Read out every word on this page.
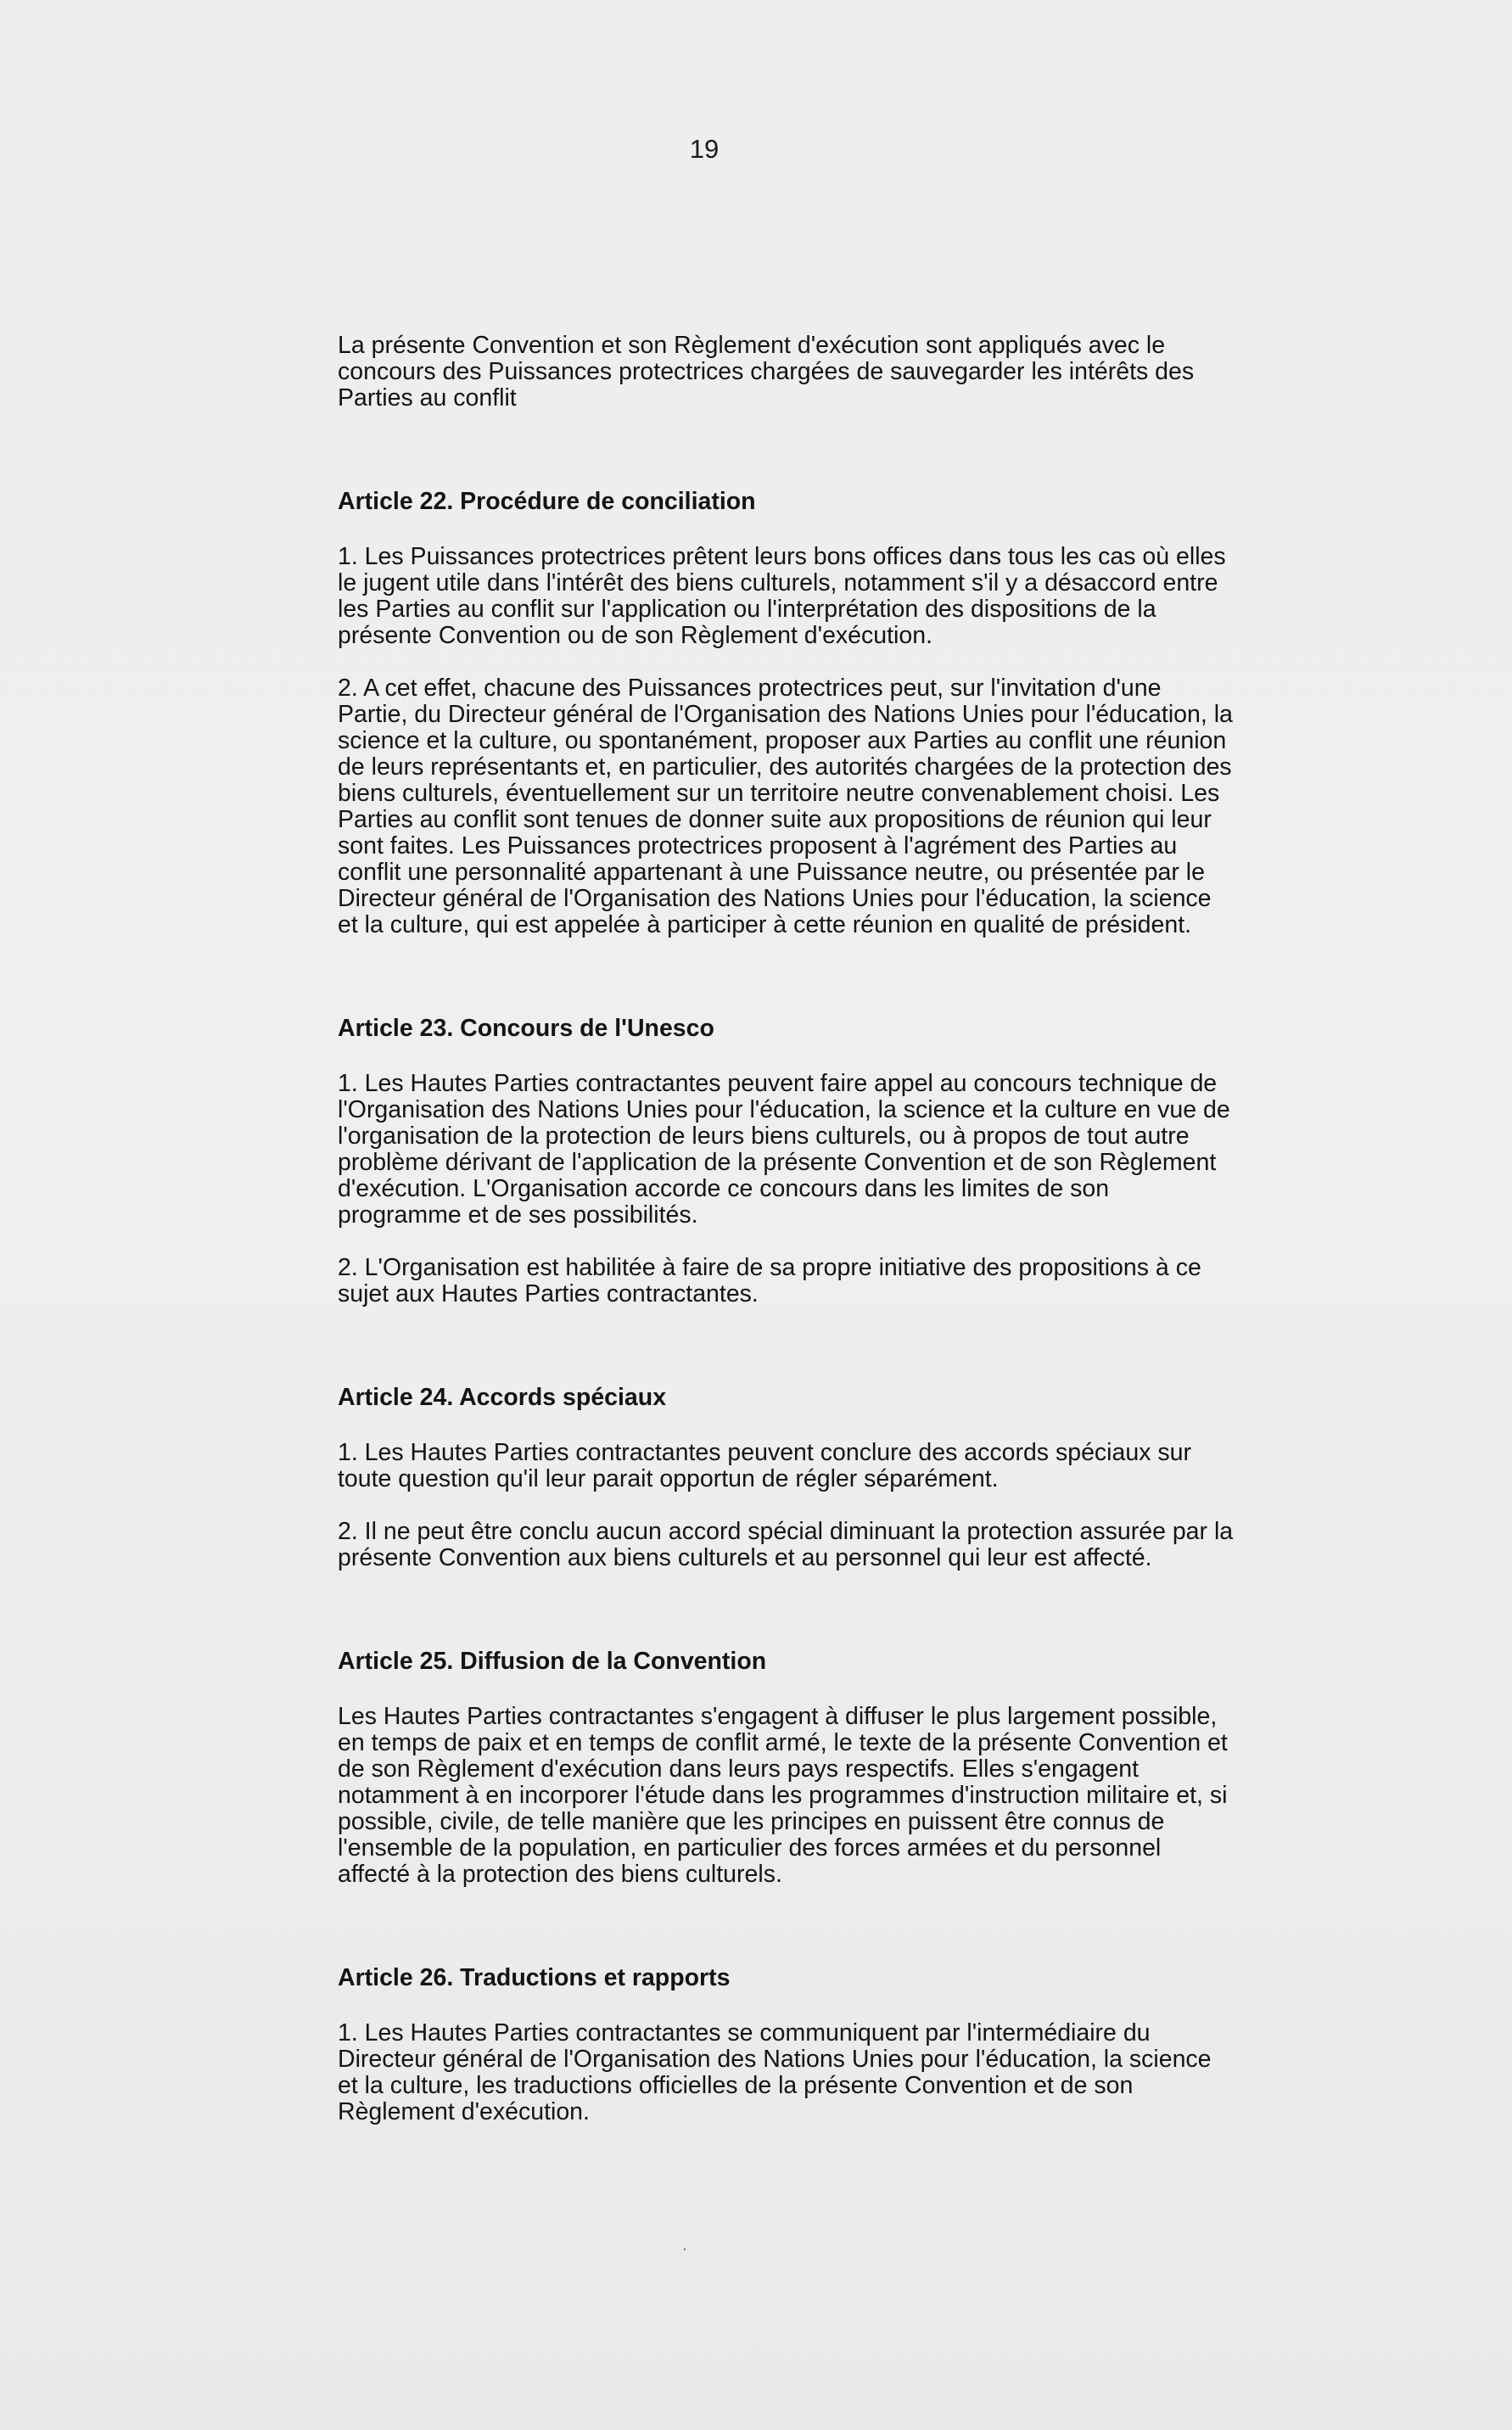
19

La présente Convention et son Règlement d'exécution sont appliqués avec le concours des Puissances protectrices chargées de sauvegarder les intérêts des Parties au conflit

Article 22. Procédure de conciliation

1. Les Puissances protectrices prêtent leurs bons offices dans tous les cas où elles le jugent utile dans l'intérêt des biens culturels, notamment s'il y a désaccord entre les Parties au conflit sur l'application ou l'interprétation des dispositions de la présente Convention ou de son Règlement d'exécution.

2. A cet effet, chacune des Puissances protectrices peut, sur l'invitation d'une Partie, du Directeur général de l'Organisation des Nations Unies pour l'éducation, la science et la culture, ou spontanément, proposer aux Parties au conflit une réunion de leurs représentants et, en particulier, des autorités chargées de la protection des biens culturels, éventuellement sur un territoire neutre convenablement choisi. Les Parties au conflit sont tenues de donner suite aux propositions de réunion qui leur sont faites. Les Puissances protectrices proposent à l'agrément des Parties au conflit une personnalité appartenant à une Puissance neutre, ou présentée par le Directeur général de l'Organisation des Nations Unies pour l'éducation, la science et la culture, qui est appelée à participer à cette réunion en qualité de président.

Article 23. Concours de l'Unesco

1. Les Hautes Parties contractantes peuvent faire appel au concours technique de l'Organisation des Nations Unies pour l'éducation, la science et la culture en vue de l'organisation de la protection de leurs biens culturels, ou à propos de tout autre problème dérivant de l'application de la présente Convention et de son Règlement d'exécution. L'Organisation accorde ce concours dans les limites de son programme et de ses possibilités.

2. L'Organisation est habilitée à faire de sa propre initiative des propositions à ce sujet aux Hautes Parties contractantes.

Article 24. Accords spéciaux

1. Les Hautes Parties contractantes peuvent conclure des accords spéciaux sur toute question qu'il leur parait opportun de régler séparément.

2. Il ne peut être conclu aucun accord spécial diminuant la protection assurée par la présente Convention aux biens culturels et au personnel qui leur est affecté.

Article 25. Diffusion de la Convention

Les Hautes Parties contractantes s'engagent à diffuser le plus largement possible, en temps de paix et en temps de conflit armé, le texte de la présente Convention et de son Règlement d'exécution dans leurs pays respectifs. Elles s'engagent notamment à en incorporer l'étude dans les programmes d'instruction militaire et, si possible, civile, de telle manière que les principes en puissent être connus de l'ensemble de la population, en particulier des forces armées et du personnel affecté à la protection des biens culturels.

Article 26. Traductions et rapports

1. Les Hautes Parties contractantes se communiquent par l'intermédiaire du Directeur général de l'Organisation des Nations Unies pour l'éducation, la science et la culture, les traductions officielles de la présente Convention et de son Règlement d'exécution.

·
